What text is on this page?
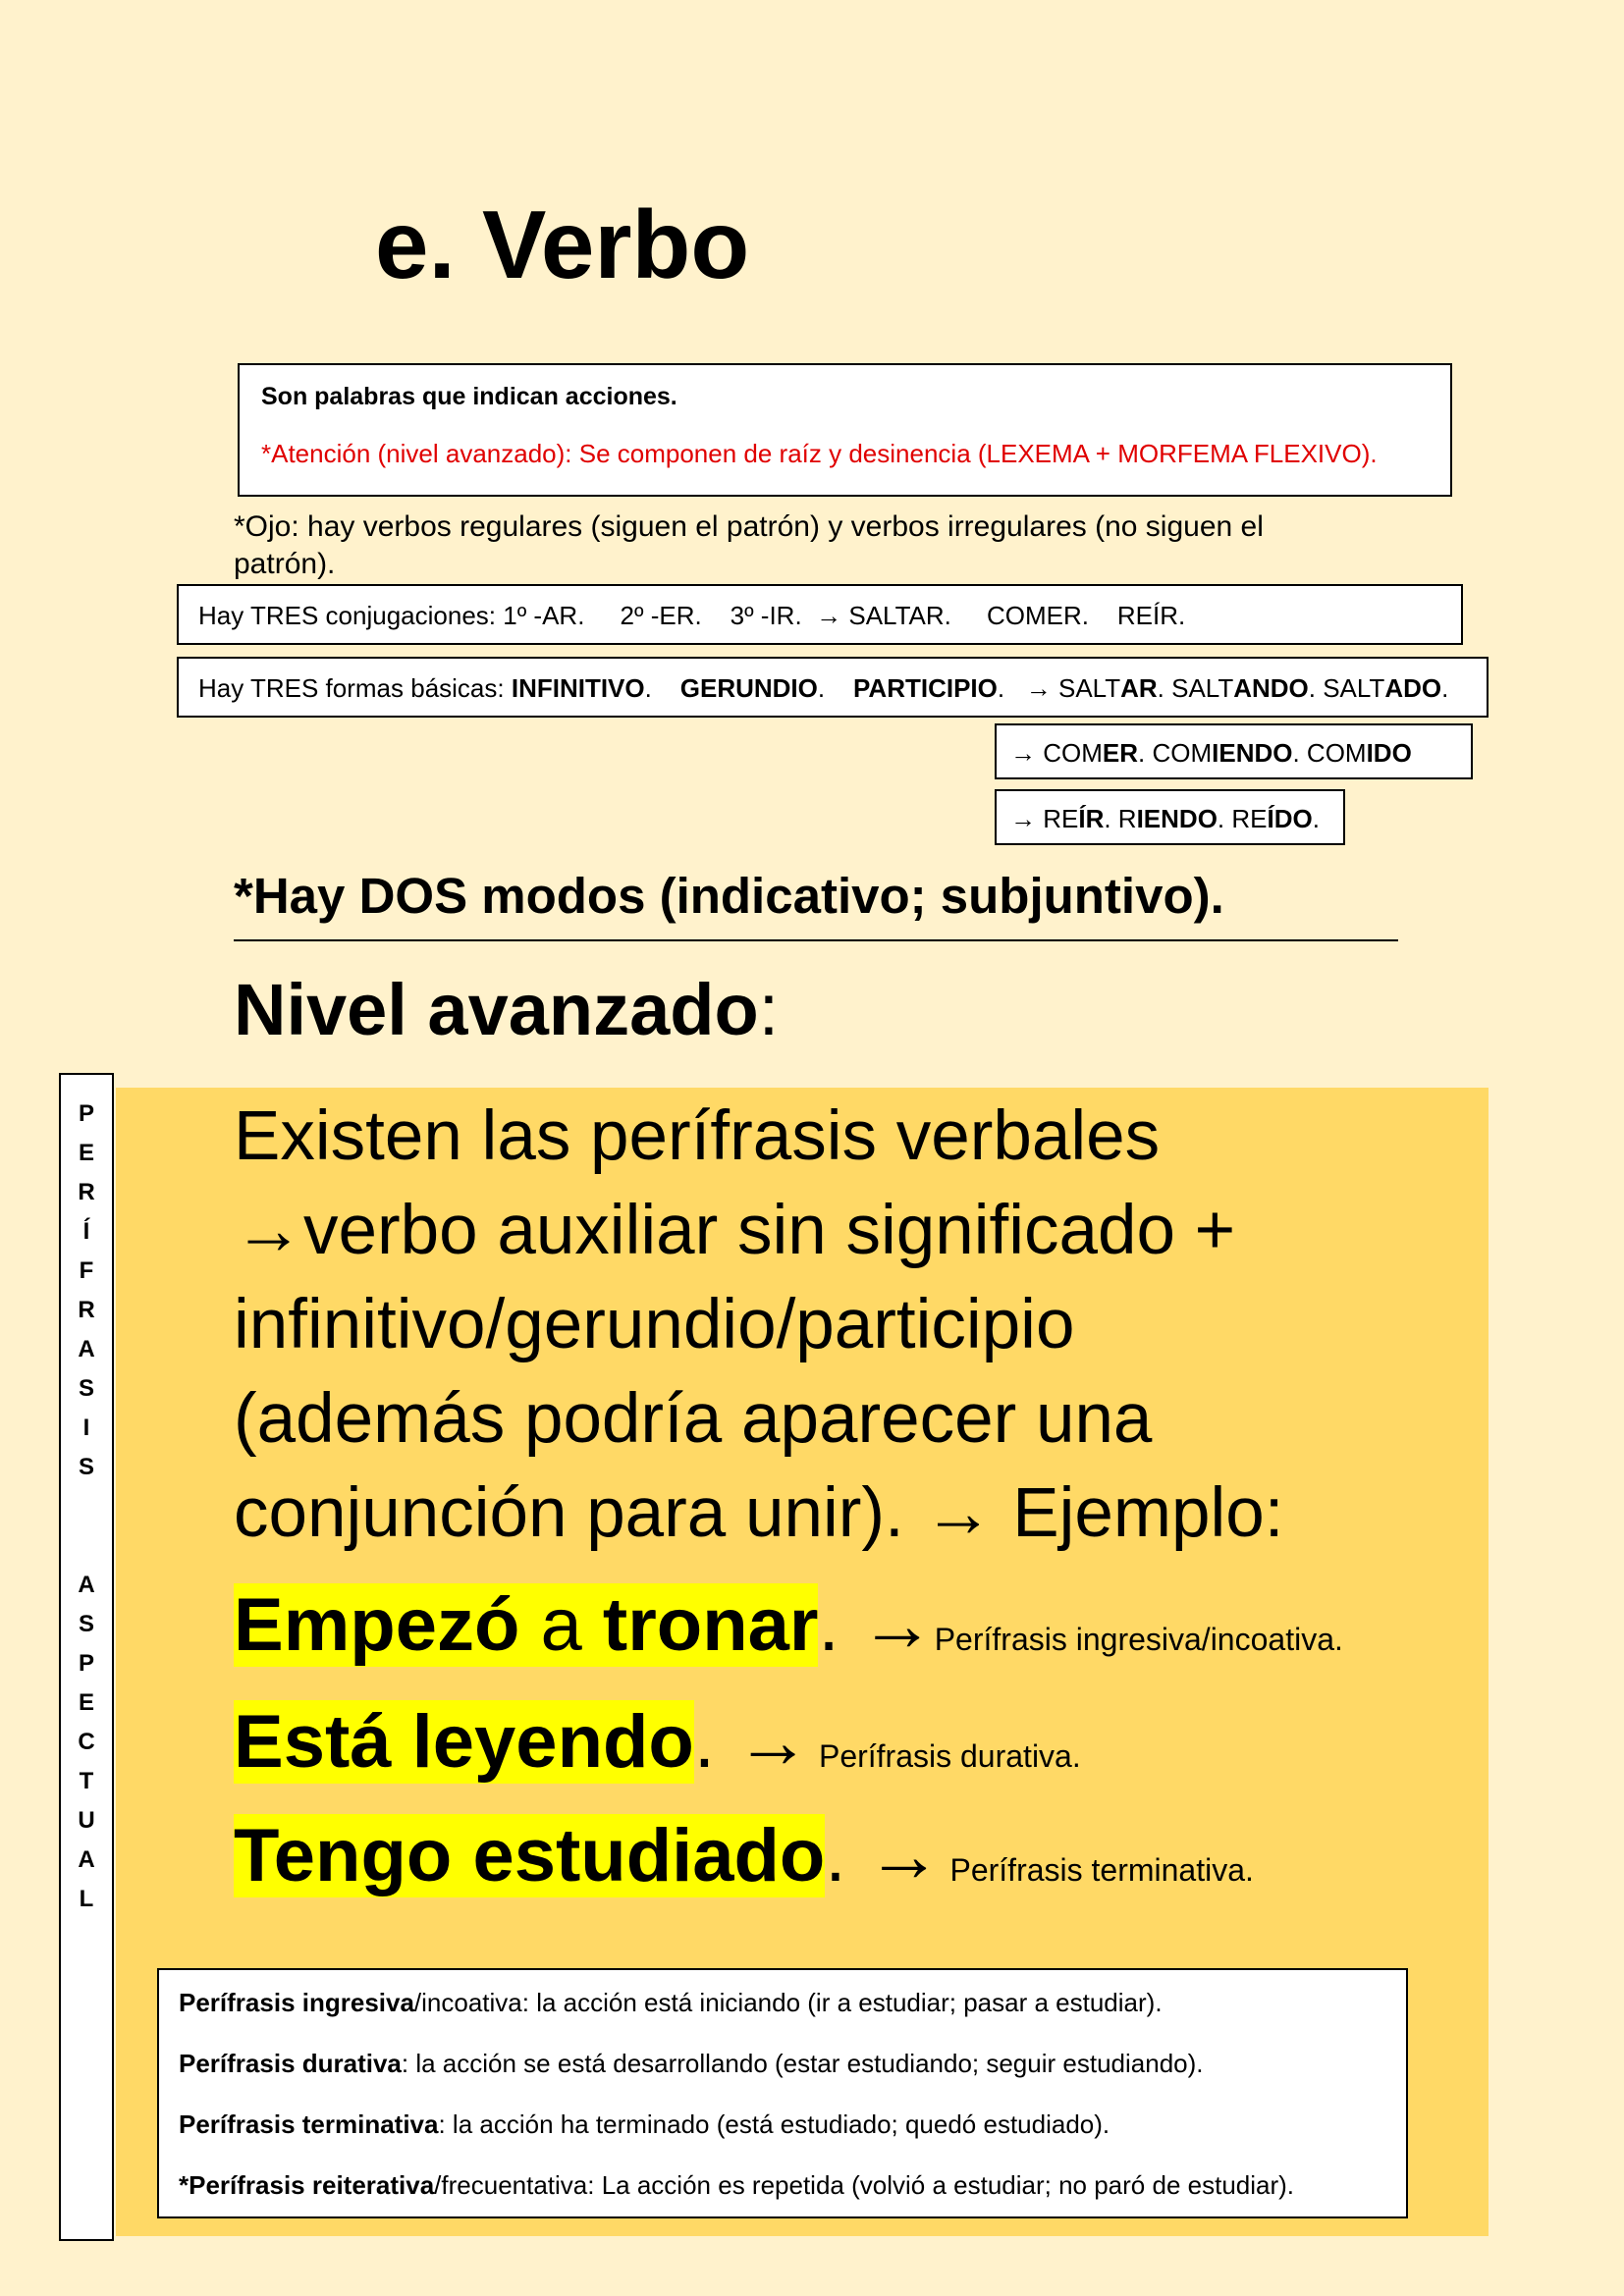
e. Verbo
Son palabras que indican acciones.
*Atención (nivel avanzado): Se componen de raíz y desinencia (LEXEMA + MORFEMA FLEXIVO).
*Ojo: hay verbos regulares (siguen el patrón) y verbos irregulares (no siguen el patrón).
Hay TRES conjugaciones: 1º -AR.     2º -ER.    3º -IR.  → SALTAR.     COMER.    REÍR.
Hay TRES formas básicas: INFINITIVO.    GERUNDIO.    PARTICIPIO.   → SALTAR. SALTANDO. SALTADO.
→ COMER. COMIENDO. COMIDO
→ REÍR. RIENDO. REÍDO.
*Hay DOS modos (indicativo; subjuntivo).
Nivel avanzado:
P
E
R
Í
F
R
A
S
I
S

A
S
P
E
C
T
U
A
L
Existen las perífrasis verbales
→verbo auxiliar sin significado +
infinitivo/gerundio/participio
(además podría aparecer una
conjunción para unir). → Ejemplo:
Empezó a tronar. →Perífrasis ingresiva/incoativa.
Está leyendo. → Perífrasis durativa.
Tengo estudiado. → Perífrasis terminativa.
Perífrasis ingresiva/incoativa: la acción está iniciando (ir a estudiar; pasar a estudiar).
Perífrasis durativa: la acción se está desarrollando (estar estudiando; seguir estudiando).
Perífrasis terminativa: la acción ha terminado (está estudiado; quedó estudiado).
*Perífrasis reiterativa/frecuentativa: La acción es repetida (volvió a estudiar; no paró de estudiar).
